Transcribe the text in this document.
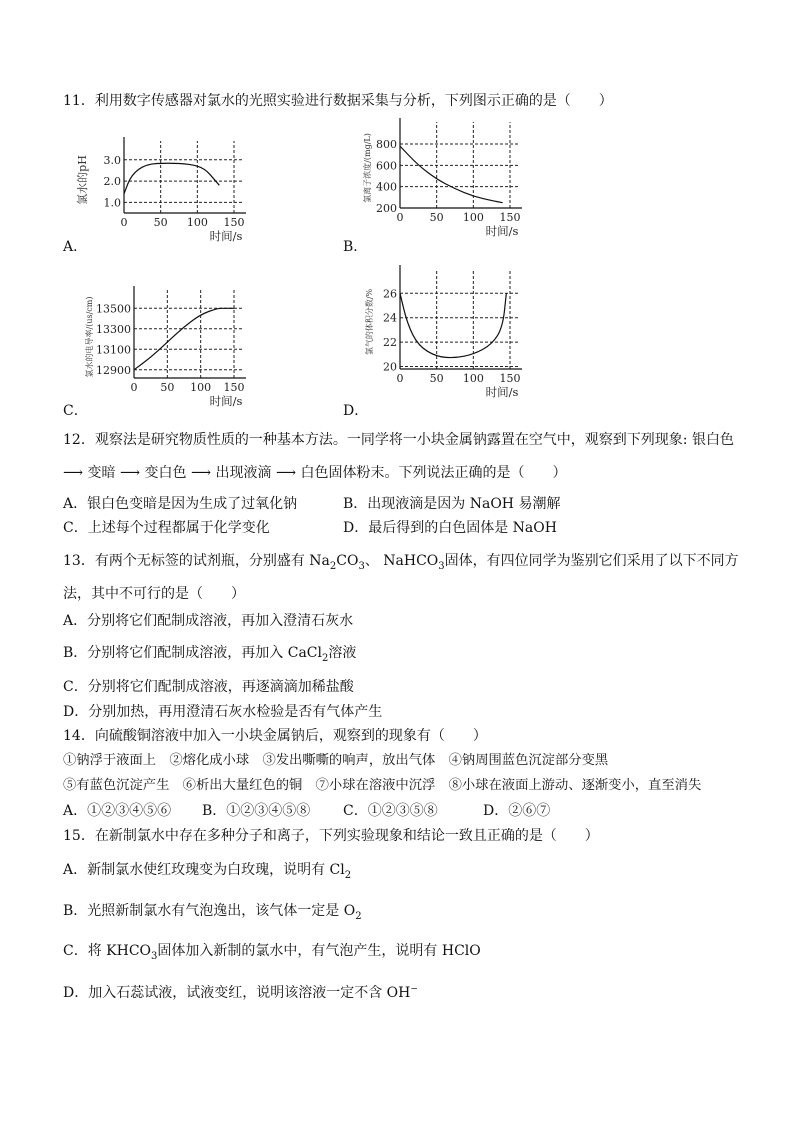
11．利用数字传感器对氯水的光照实验进行数据采集与分析，下列图示正确的是（　　）
0 50 100 150
1.0
2.0
3.0
时间/s
氯水的pH
0 50 100 150
200
400
600
800
时间/s
氯离子浓度/(mg/L)
0 50 100 150
12900
13100
13300
13500
时间/s
氯水的电导率/(us/cm)
0 50 100 150
20
22
24
26
时间/s
氯气的体积分数/%
A．	B．
C．	D．
12．观察法是研究物质性质的一种基本方法。一同学将一小块金属钠露置在空气中，观察到下列现象: 银白色
⟶ 变暗 ⟶ 变白色 ⟶ 出现液滴 ⟶ 白色固体粉末。下列说法正确的是（　　）
A．银白色变暗是因为生成了过氧化钠	B．出现液滴是因为 NaOH 易潮解
C．上述每个过程都属于化学变化	D．最后得到的白色固体是 NaOH
13．有两个无标签的试剂瓶，分别盛有 $Na_2CO_3$、 NaHCO$_3$固体，有四位同学为鉴别它们采用了以下不同方
法，其中不可行的是（　　）
A．分别将它们配制成溶液，再加入澄清石灰水
B．分别将它们配制成溶液，再加入 CaCl$_2$溶液
C．分别将它们配制成溶液，再逐滴滴加稀盐酸
D．分别加热，再用澄清石灰水检验是否有气体产生
14．向硫酸铜溶液中加入一小块金属钠后，观察到的现象有（　　）
①钠浮于液面上　②熔化成小球　③发出嘶嘶的响声，放出气体　④钠周围蓝色沉淀部分变黑
⑤有蓝色沉淀产生　⑥析出大量红色的铜　⑦小球在溶液中沉浮　⑧小球在液面上游动、逐渐变小，直至消失
A．①②③④⑤⑥ B．①②③④⑤⑧ C．①②③⑤⑧	D．②⑥⑦
15．在新制氯水中存在多种分子和离子，下列实验现象和结论一致且正确的是（　　）
A．新制氯水使红玫瑰变为白玫瑰，说明有 $Cl_2$
B．光照新制氯水有气泡逸出，该气体一定是 $O_2$
C．将 $KHCO_3$固体加入新制的氯水中，有气泡产生，说明有 HClO
D．加入石蕊试液，试液变红，说明该溶液一定不含 OH−
